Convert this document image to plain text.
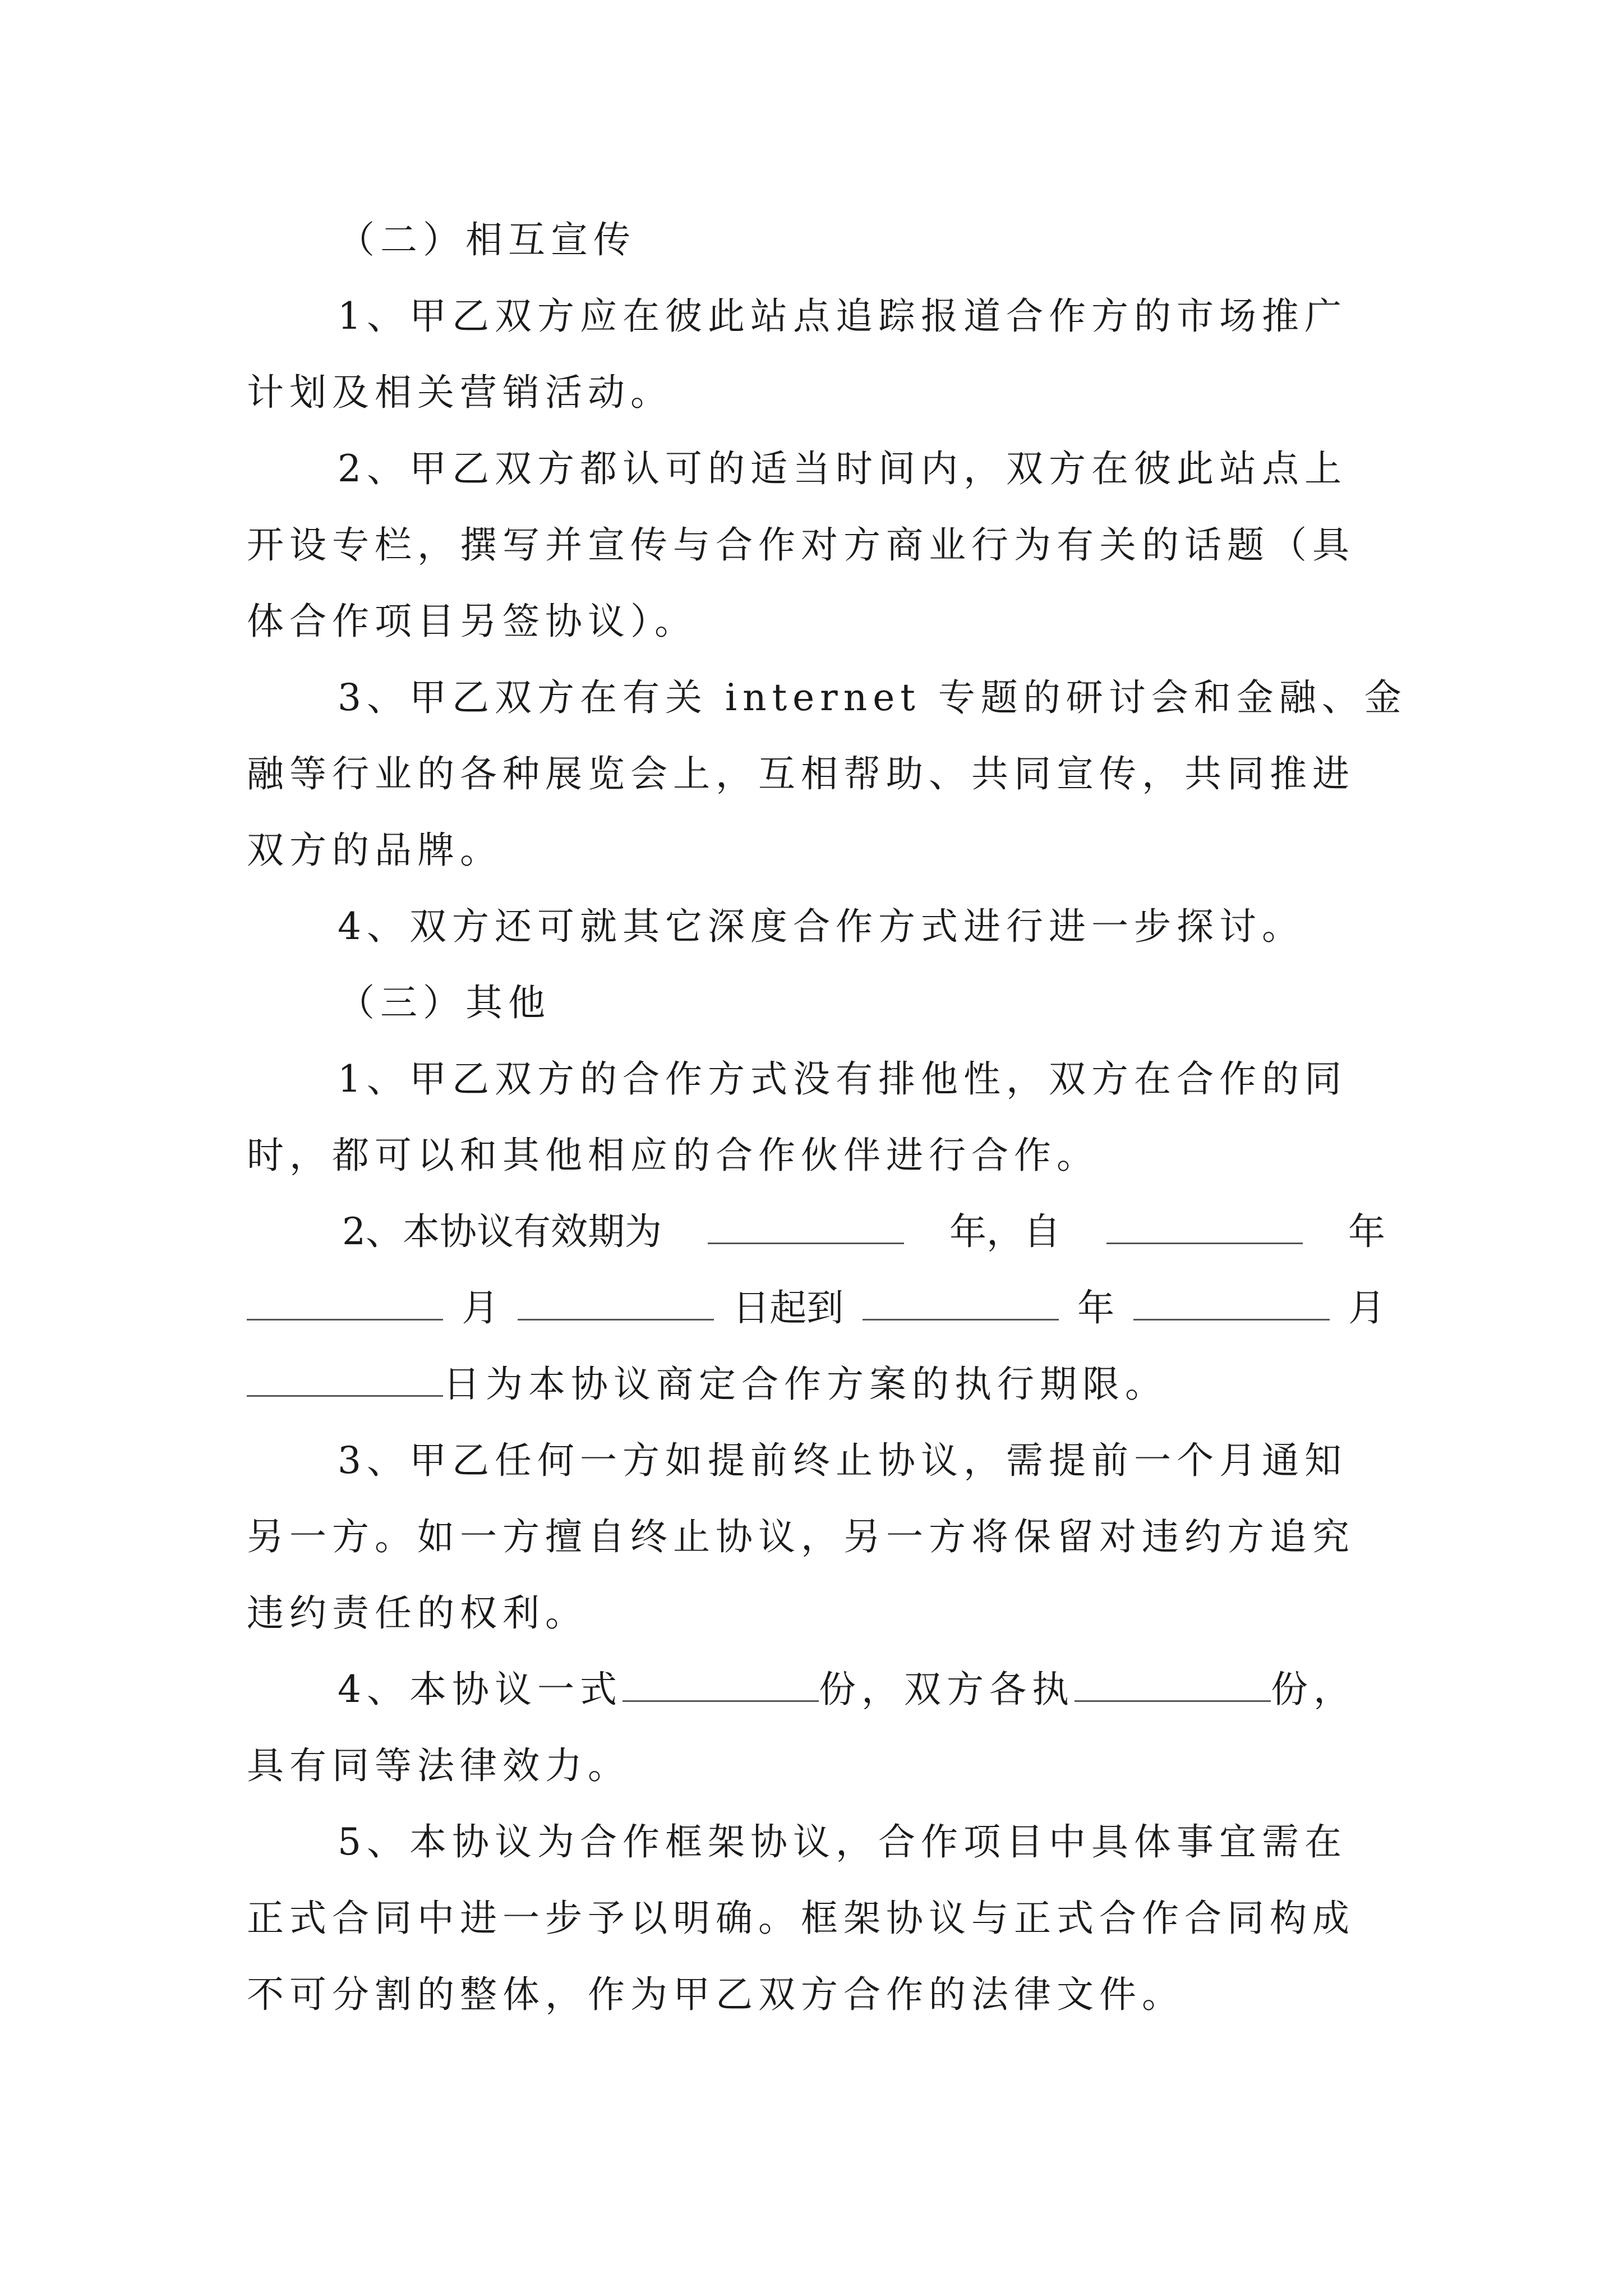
（二）相互宣传
1、甲乙双方应在彼此站点追踪报道合作方的市场推广
计划及相关营销活动。
2、甲乙双方都认可的适当时间内，双方在彼此站点上
开设专栏，撰写并宣传与合作对方商业行为有关的话题（具
体合作项目另签协议）。
3、甲乙双方在有关 internet 专题的研讨会和金融、金
融等行业的各种展览会上，互相帮助、共同宣传，共同推进
双方的品牌。
4、双方还可就其它深度合作方式进行进一步探讨。
（三）其他
1、甲乙双方的合作方式没有排他性，双方在合作的同
时，都可以和其他相应的合作伙伴进行合作。
2、本协议有效期为	年，自	年
月	日起到	年	月
日为本协议商定合作方案的执行期限。
3、甲乙任何一方如提前终止协议，需提前一个月通知
另一方。如一方擅自终止协议，另一方将保留对违约方追究
违约责任的权利。
4、本协议一式	份，双方各执	份，
具有同等法律效力。
5、本协议为合作框架协议，合作项目中具体事宜需在
正式合同中进一步予以明确。框架协议与正式合作合同构成
不可分割的整体，作为甲乙双方合作的法律文件。
